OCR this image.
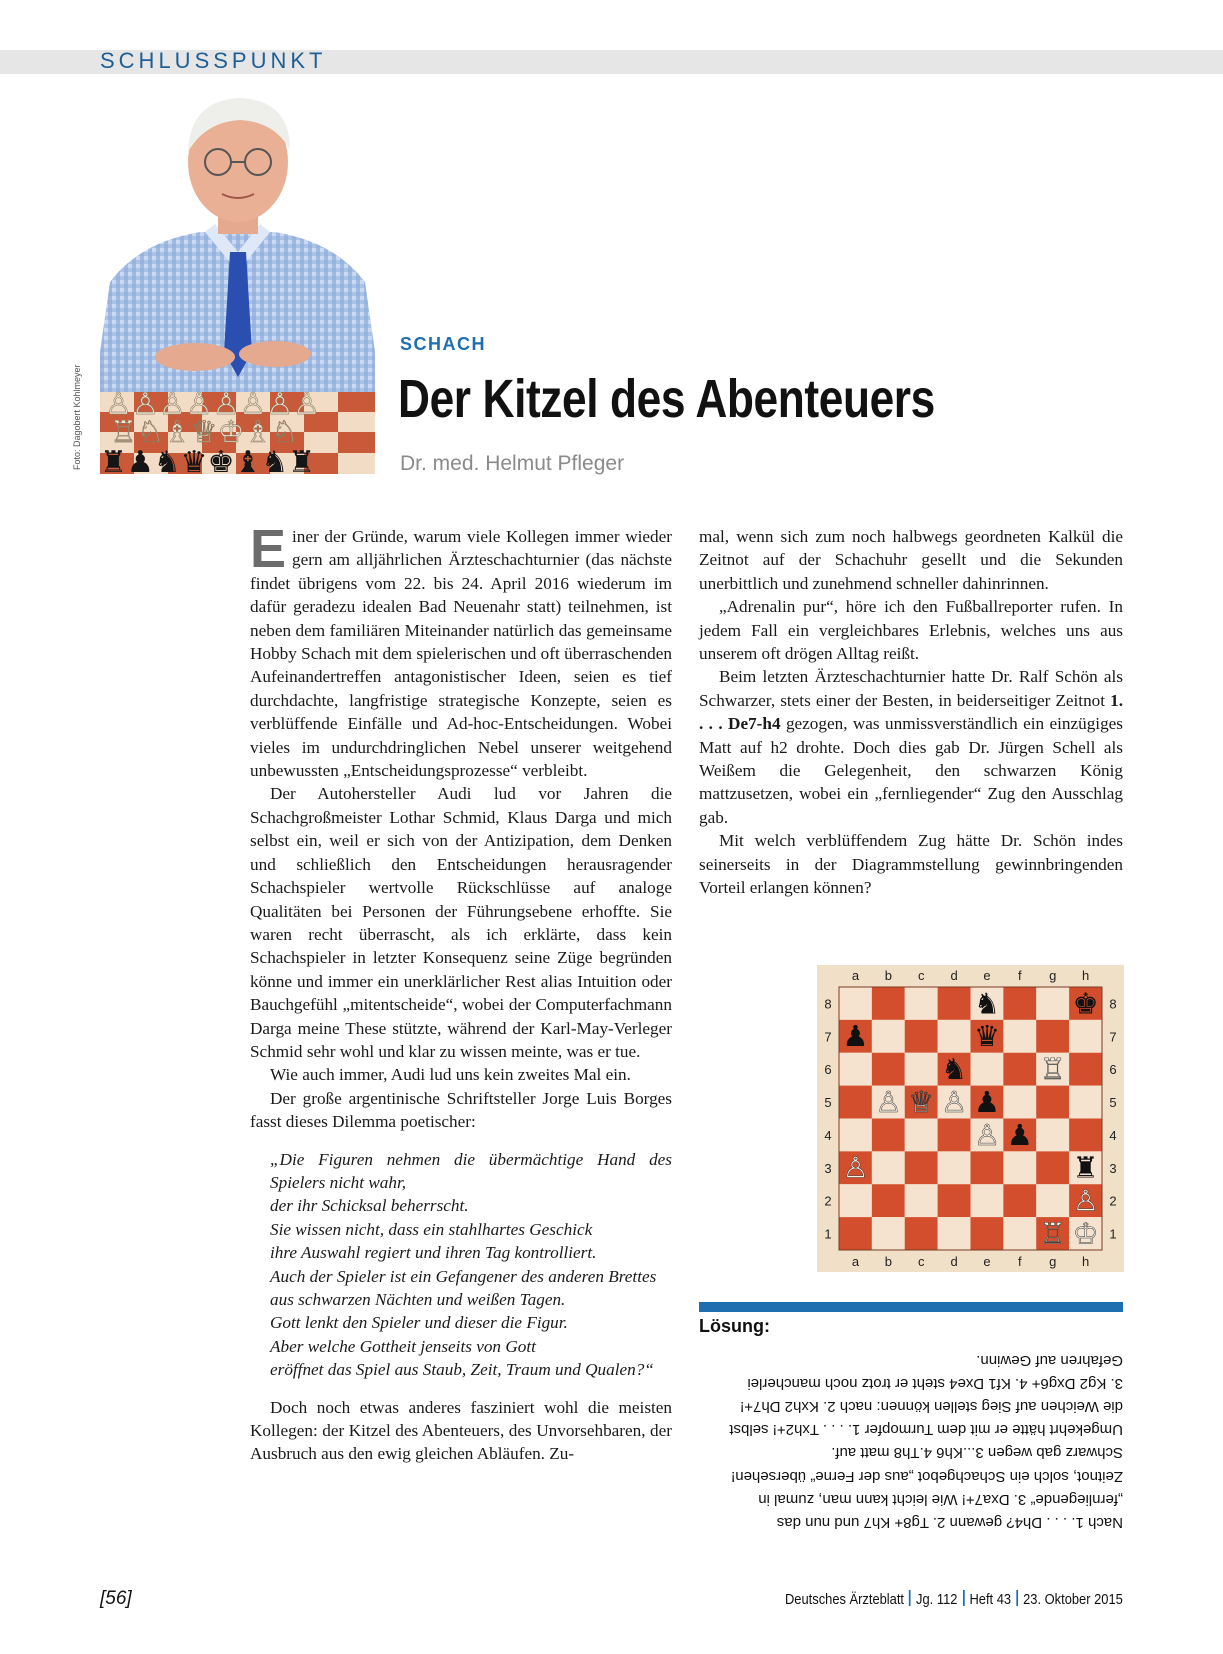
SCHLUSSPUNKT
♙♙♙♙♙♙♙♙
♖♘♗♕♔♗♘
♜♟♞♛♚♝♞♜
Foto: Dagobert Kohlmeyer
SCHACH
Der Kitzel des Abenteuers
Dr. med. Helmut Pfleger

Einer der Gründe, warum viele Kollegen immer wieder gern am alljährlichen Ärzteschachturnier (das nächste findet übrigens vom 22. bis 24. April 2016 wiederum im dafür geradezu idealen Bad Neuenahr statt) teilnehmen, ist neben dem familiären Miteinander natürlich das gemeinsame Hobby Schach mit dem spielerischen und oft überraschenden Aufeinandertreffen antagonistischer Ideen, seien es tief durchdachte, langfristige strategische Konzepte, seien es verblüffende Einfälle und Ad-hoc-Entscheidungen. Wobei vieles im undurchdringlichen Nebel unserer weitgehend unbewussten „Entscheidungsprozesse“ verbleibt.

Der Autohersteller Audi lud vor Jahren die Schachgroßmeister Lothar Schmid, Klaus Darga und mich selbst ein, weil er sich von der Antizipation, dem Denken und schließlich den Entscheidungen herausragender Schachspieler wertvolle Rückschlüsse auf analoge Qualitäten bei Personen der Führungsebene erhoffte. Sie waren recht überrascht, als ich erklärte, dass kein Schachspieler in letzter Konsequenz seine Züge begründen könne und immer ein unerklärlicher Rest alias Intuition oder Bauchgefühl „mitentscheide“, wobei der Computerfachmann Darga meine These stützte, während der Karl-May-Verleger Schmid sehr wohl und klar zu wissen meinte, was er tue.

Wie auch immer, Audi lud uns kein zweites Mal ein.

Der große argentinische Schriftsteller Jorge Luis Borges fasst dieses Dilemma poetischer:

„Die Figuren nehmen die übermächtige Hand des Spielers nicht wahr,
der ihr Schicksal beherrscht.
Sie wissen nicht, dass ein stahlhartes Geschick
ihre Auswahl regiert und ihren Tag kontrolliert.
Auch der Spieler ist ein Gefangener des anderen Brettes
aus schwarzen Nächten und weißen Tagen.
Gott lenkt den Spieler und dieser die Figur.
Aber welche Gottheit jenseits von Gott
eröffnet das Spiel aus Staub, Zeit, Traum und Qualen?“

Doch noch etwas anderes fasziniert wohl die meisten Kollegen: der Kitzel des Abenteuers, des Unvorsehbaren, der Ausbruch aus den ewig gleichen Abläufen. Zu-

mal, wenn sich zum noch halbwegs geordneten Kalkül die Zeitnot auf der Schachuhr gesellt und die Sekunden unerbittlich und zunehmend schneller dahinrinnen.

„Adrenalin pur“, höre ich den Fußballreporter rufen. In jedem Fall ein vergleichbares Erlebnis, welches uns aus unserem oft drögen Alltag reißt.

Beim letzten Ärzteschachturnier hatte Dr. Ralf Schön als Schwarzer, stets einer der Besten, in beiderseitiger Zeitnot 1. . . . De7-h4 gezogen, was unmissverständlich ein einzügiges Matt auf h2 drohte. Doch dies gab Dr. Jürgen Schell als Weißem die Gelegenheit, den schwarzen König mattzusetzen, wobei ein „fernliegender“ Zug den Ausschlag gab.

Mit welch verblüffendem Zug hätte Dr. Schön indes seinerseits in der Diagrammstellung gewinnbringenden Vorteil erlangen können?

a
a
b
b
c
c
d
d
e
e
f
f
g
g
h
h
8	8
7	7
6	6
5	5
4	4
3	3
2	2
1	1
♞	♚
♟	♛
♞	♖
♙ ♕ ♙ ♟
♙ ♟
♙	♜
♙
♖ ♔
Lösung:
Nach 1. . . . Dh4? gewann 2. Tg8+ Kh7 und nun das
„fernliegende“ 3. Dxa7+! Wie leicht kann man, zumal in
Zeitnot, solch ein Schachgebot „aus der Ferne“ übersehen!
Schwarz gab wegen 3...Kh6 4.Th8 matt auf.
Umgekehrt hätte er mit dem Turmopfer 1. . . . Txh2+! selbst
die Weichen auf Sieg stellen können: nach 2. Kxh2 Dh7+!
3. Kg2 Dxg6+ 4. Kf1 Dxe4 steht er trotz noch mancherlei
Gefahren auf Gewinn.
[56]	Deutsches Ärzteblatt Jg. 112 Heft 43 23. Oktober 2015
